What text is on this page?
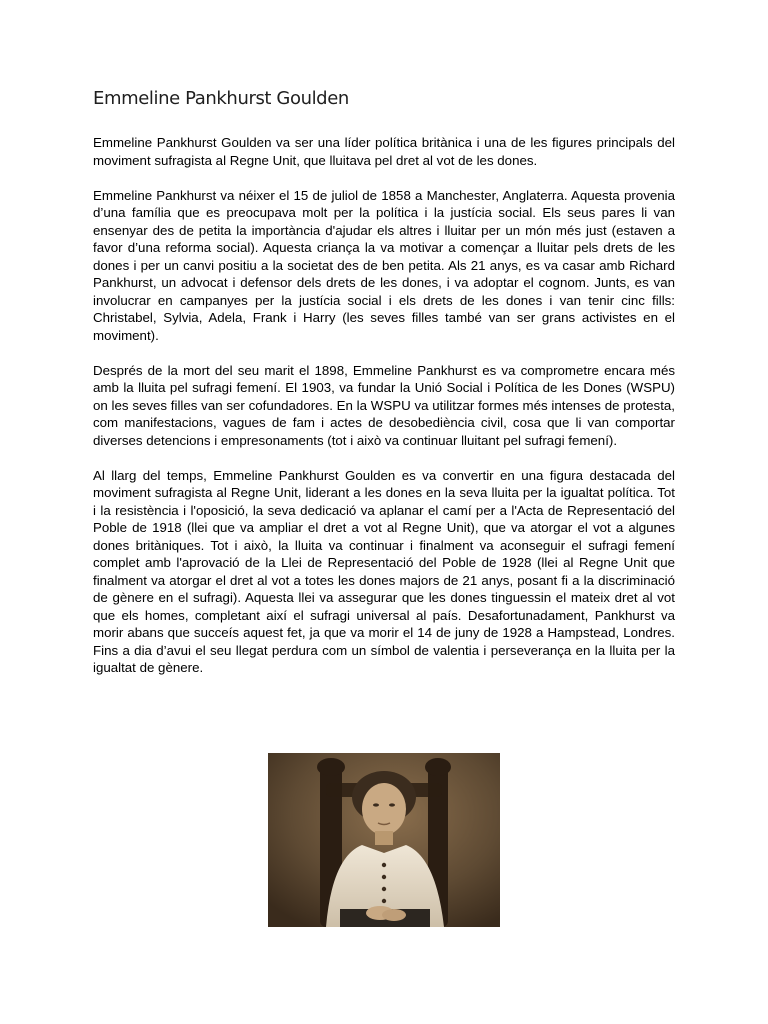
Emmeline Pankhurst Goulden

Emmeline Pankhurst Goulden va ser una líder política britànica i una de les figures principals del moviment sufragista al Regne Unit, que lluitava pel dret al vot de les dones.

Emmeline Pankhurst va néixer el 15 de juliol de 1858 a Manchester, Anglaterra. Aquesta provenia d’una família que es preocupava molt per la política i la justícia social. Els seus pares li van ensenyar des de petita la importància d'ajudar els altres i lluitar per un món més just (estaven a favor d’una reforma social). Aquesta criança la va motivar a començar a lluitar pels drets de les dones i per un canvi positiu a la societat des de ben petita. Als 21 anys, es va casar amb Richard Pankhurst, un advocat i defensor dels drets de les dones, i va adoptar el cognom. Junts, es van involucrar en campanyes per la justícia social i els drets de les dones i van tenir cinc fills: Christabel, Sylvia, Adela, Frank i Harry (les seves filles també van ser grans activistes en el moviment).

Després de la mort del seu marit el 1898, Emmeline Pankhurst es va comprometre encara més amb la lluita pel sufragi femení. El 1903, va fundar la Unió Social i Política de les Dones (WSPU) on les seves filles van ser cofundadores. En la WSPU va utilitzar formes més intenses de protesta, com manifestacions, vagues de fam i actes de desobediència civil, cosa que li van comportar diverses detencions i empresonaments (tot i això va continuar lluitant pel sufragi femení).

Al llarg del temps, Emmeline Pankhurst Goulden es va convertir en una figura destacada del moviment sufragista al Regne Unit, liderant a les dones en la seva lluita per la igualtat política. Tot i la resistència i l'oposició, la seva dedicació va aplanar el camí per a l'Acta de Representació del Poble de 1918 (llei que va ampliar el dret a vot al Regne Unit), que va atorgar el vot a algunes dones britàniques. Tot i això, la lluita va continuar i finalment va aconseguir el sufragi femení complet amb l'aprovació de la Llei de Representació del Poble de 1928 (llei al Regne Unit que finalment va atorgar el dret al vot a totes les dones majors de 21 anys, posant fi a la discriminació de gènere en el sufragi). Aquesta llei va assegurar que les dones tinguessin el mateix dret al vot que els homes, completant així el sufragi universal al país. Desafortunadament, Pankhurst va morir abans que succeís aquest fet, ja que va morir el 14 de juny de 1928 a Hampstead, Londres. Fins a dia d’avui el seu llegat perdura com un símbol de valentia i perseverança en la lluita per la igualtat de gènere.
